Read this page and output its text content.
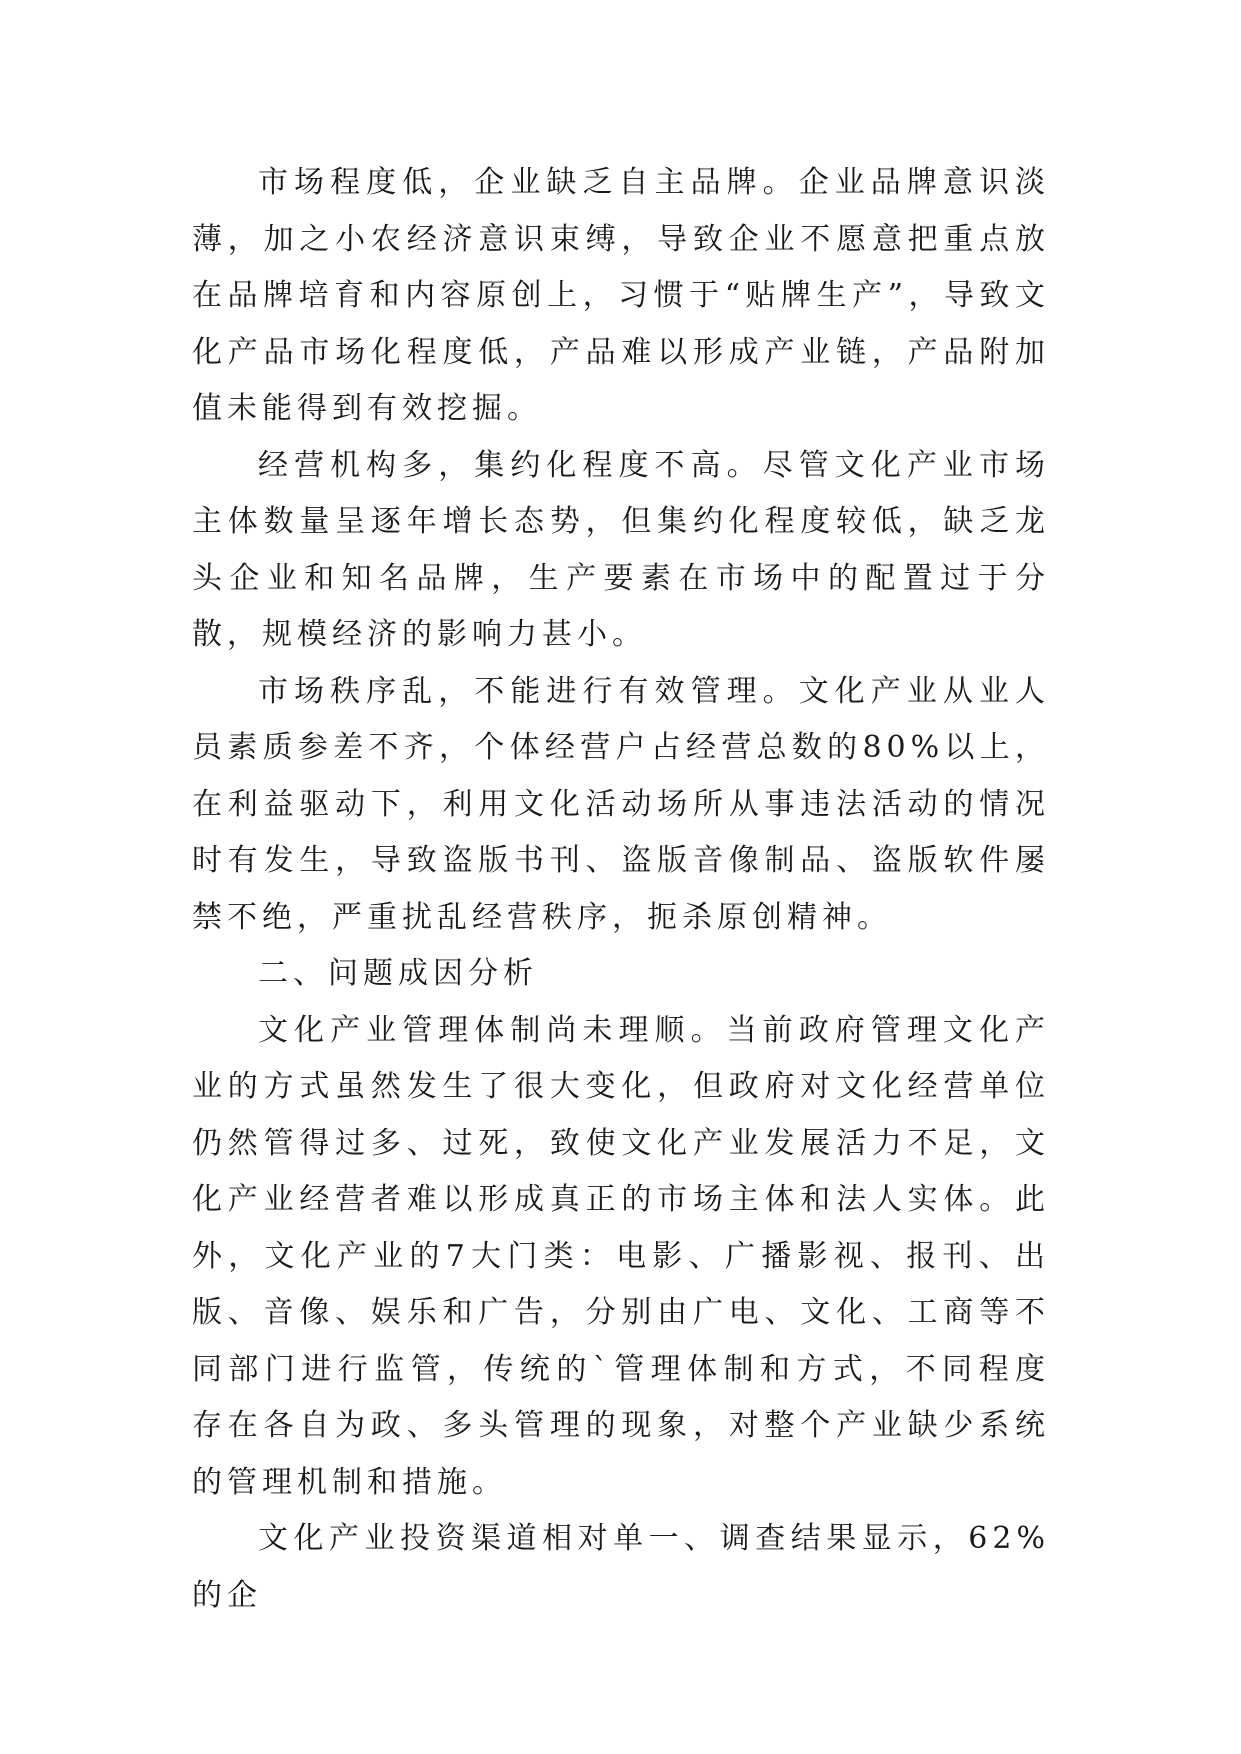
市场程度低，企业缺乏自主品牌。企业品牌意识淡薄，加之小农经济意识束缚，导致企业不愿意把重点放在品牌培育和内容原创上，习惯于“贴牌生产”，导致文化产品市场化程度低，产品难以形成产业链，产品附加值未能得到有效挖掘。

经营机构多，集约化程度不高。尽管文化产业市场主体数量呈逐年增长态势，但集约化程度较低，缺乏龙头企业和知名品牌，生产要素在市场中的配置过于分散，规模经济的影响力甚小。

市场秩序乱，不能进行有效管理。文化产业从业人员素质参差不齐，个体经营户占经营总数的80%以上，在利益驱动下，利用文化活动场所从事违法活动的情况时有发生，导致盗版书刊、盗版音像制品、盗版软件屡禁不绝，严重扰乱经营秩序，扼杀原创精神。

二、问题成因分析

文化产业管理体制尚未理顺。当前政府管理文化产业的方式虽然发生了很大变化，但政府对文化经营单位仍然管得过多、过死，致使文化产业发展活力不足，文化产业经营者难以形成真正的市场主体和法人实体。此外，文化产业的7大门类：电影、广播影视、报刊、出版、音像、娱乐和广告，分别由广电、文化、工商等不同部门进行监管，传统的`管理体制和方式，不同程度存在各自为政、多头管理的现象，对整个产业缺少系统的管理机制和措施。

文化产业投资渠道相对单一、调查结果显示，62%的企
